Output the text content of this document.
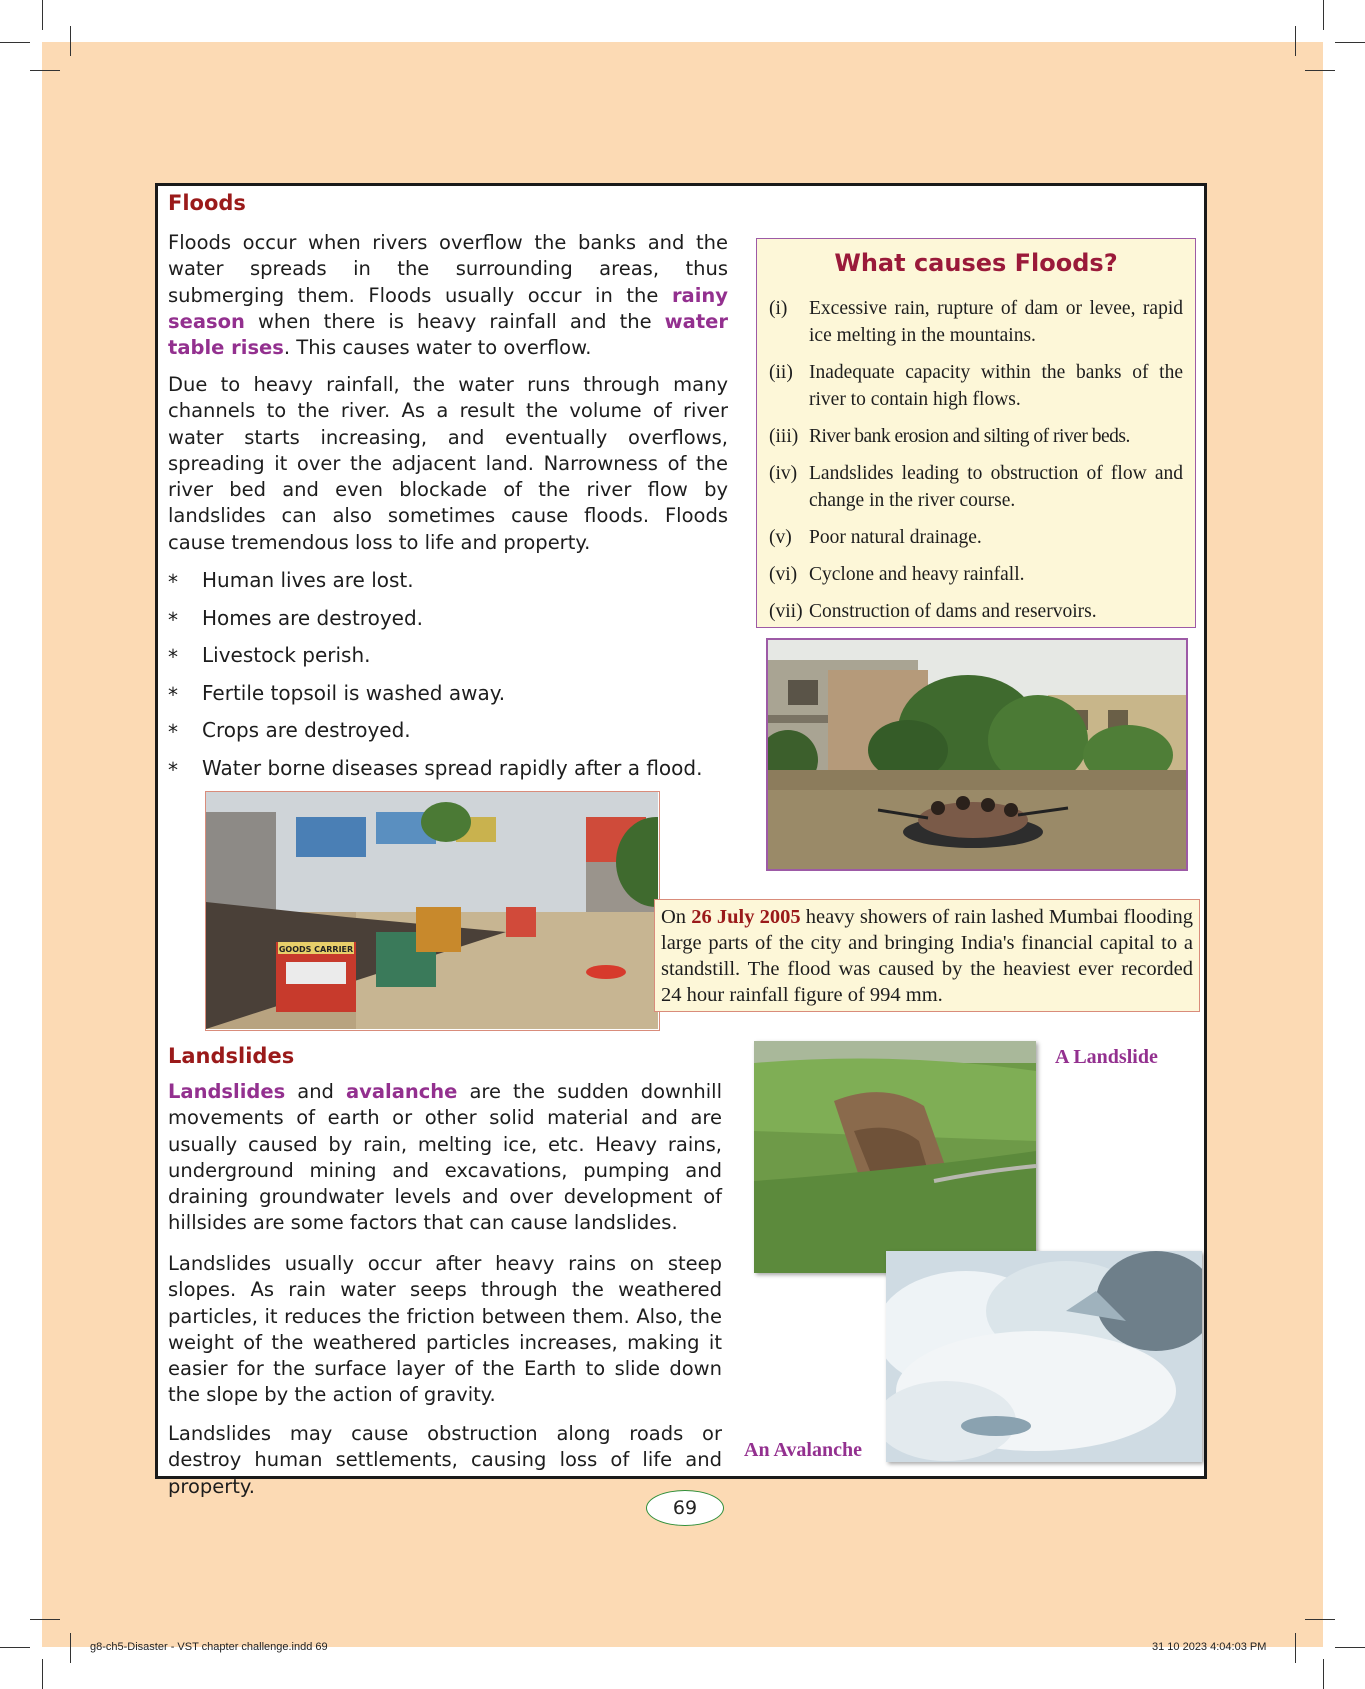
Floods

Floods occur when rivers overflow the banks and the water spreads in the surrounding areas, thus submerging them. Floods usually occur in the rainy season when there is heavy rainfall and the water table rises. This causes water to overflow.

Due to heavy rainfall, the water runs through many channels to the river. As a result the volume of river water starts increasing, and eventually overflows, spreading it over the adjacent land. Narrowness of the river bed and even blockade of the river flow by landslides can also sometimes cause floods. Floods cause tremendous loss to life and property.

* Human lives are lost.
* Homes are destroyed.
* Livestock perish.
* Fertile topsoil is washed away.
* Crops are destroyed.
* Water borne diseases spread rapidly after a flood.
What causes Floods?
(i)	Excessive rain, rupture of dam or levee, rapid ice melting in the mountains.
(ii) Inadequate capacity within the banks of the river to contain high flows.
(iii) River bank erosion and silting of river beds.
(iv) Landslides leading to obstruction of flow and change in the river course.
(v) Poor natural drainage.
(vi) Cyclone and heavy rainfall.
(vii) Construction of dams and reservoirs.
GOODS CARRIER
On 26 July 2005 heavy showers of rain lashed Mumbai flooding large parts of the city and bringing India's financial capital to a standstill. The flood was caused by the heaviest ever recorded 24 hour rainfall figure of 994 mm.
Landslides

Landslides and avalanche are the sudden downhill movements of earth or other solid material and are usually caused by rain, melting ice, etc. Heavy rains, underground mining and excavations, pumping and draining groundwater levels and over development of hillsides are some factors that can cause landslides.

Landslides usually occur after heavy rains on steep slopes. As rain water seeps through the weathered particles, it reduces the friction between them. Also, the weight of the weathered particles increases, making it easier for the surface layer of the Earth to slide down the slope by the action of gravity.

Landslides may cause obstruction along roads or destroy human settlements, causing loss of life and property.

A Landslide
An Avalanche
69
g8-ch5-Disaster - VST chapter challenge.indd 69	31 10 2023 4:04:03 PM
